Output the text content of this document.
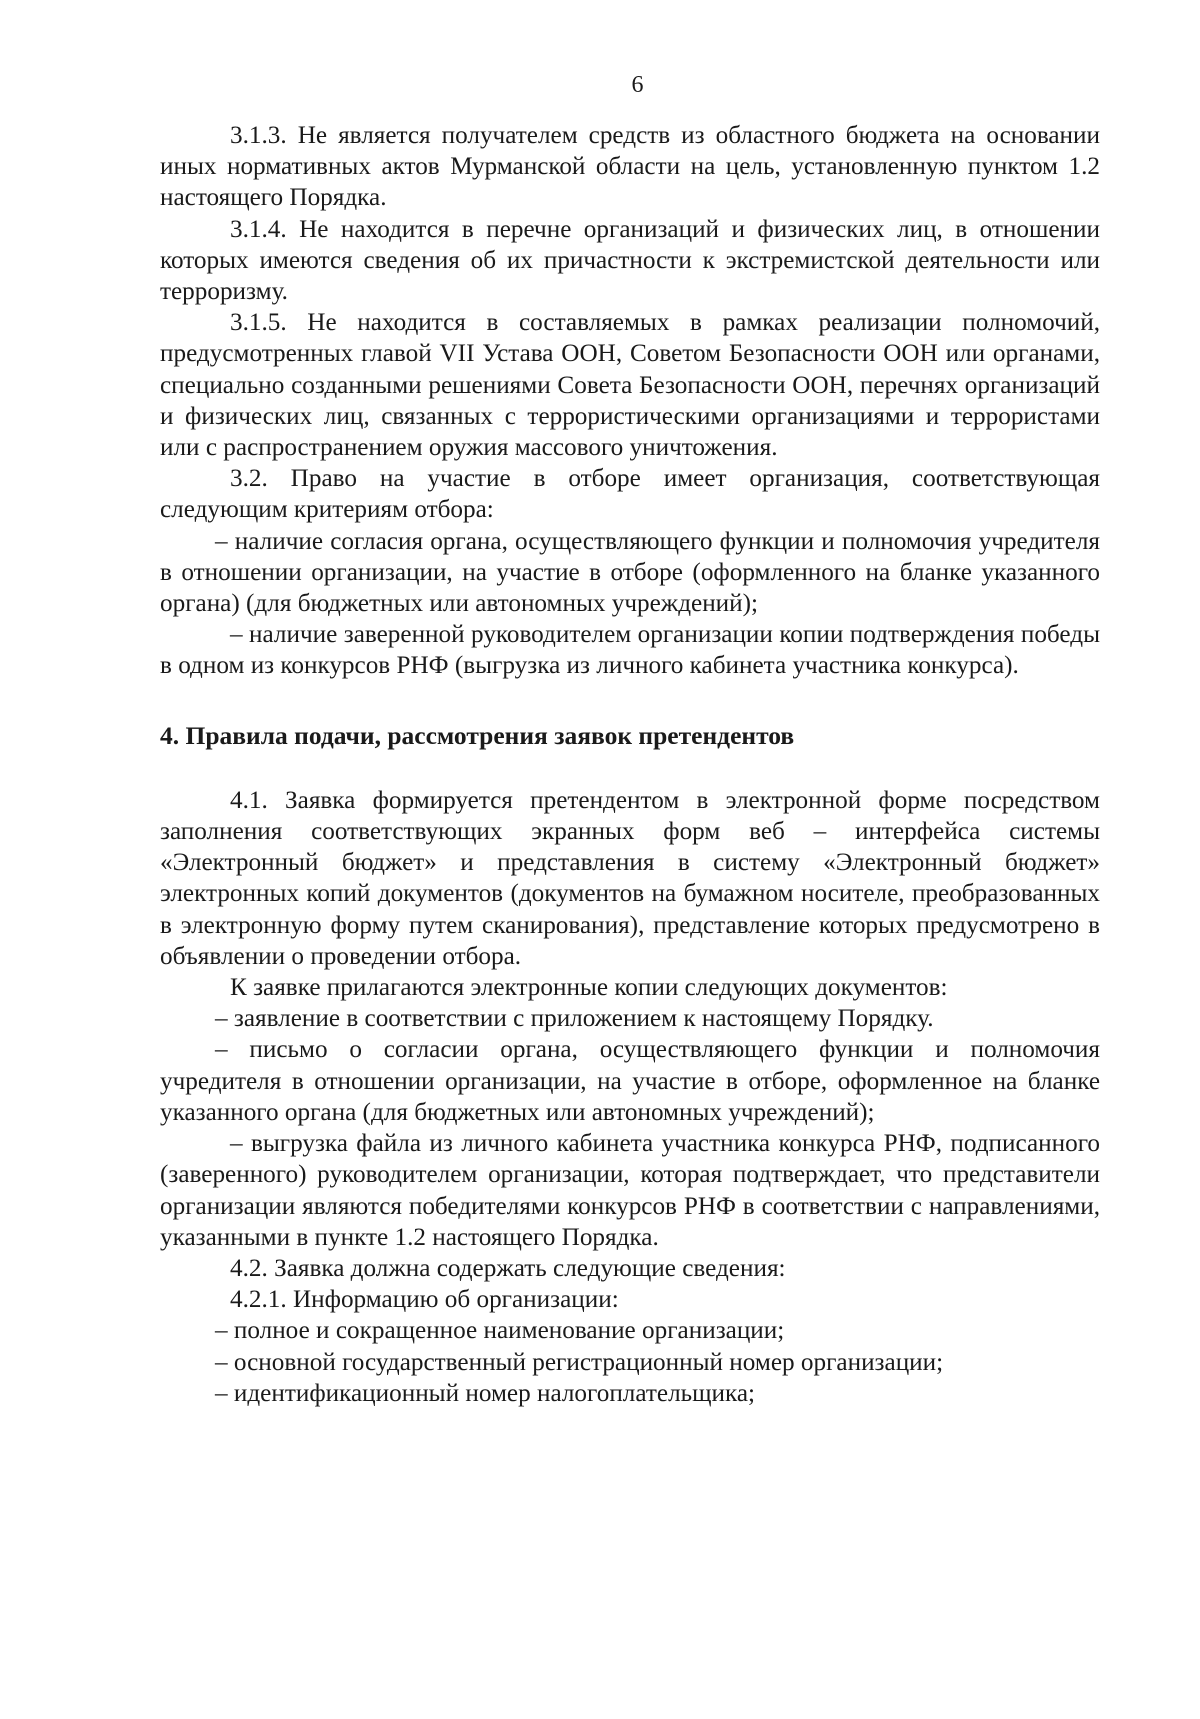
6

3.1.3. Не является получателем средств из областного бюджета на основании иных нормативных актов Мурманской области на цель, установленную пунктом 1.2 настоящего Порядка.

3.1.4. Не находится в перечне организаций и физических лиц, в отношении которых имеются сведения об их причастности к экстремистской деятельности или терроризму.

3.1.5. Не находится в составляемых в рамках реализации полномочий, предусмотренных главой VII Устава ООН, Советом Безопасности ООН или органами, специально созданными решениями Совета Безопасности ООН, перечнях организаций и физических лиц, связанных с террористическими организациями и террористами или с распространением оружия массового уничтожения.

3.2. Право на участие в отборе имеет организация, соответствующая следующим критериям отбора:

– наличие согласия органа, осуществляющего функции и полномочия учредителя в отношении организации, на участие в отборе (оформленного на бланке указанного органа) (для бюджетных или автономных учреждений);

– наличие заверенной руководителем организации копии подтверждения победы в одном из конкурсов РНФ (выгрузка из личного кабинета участника конкурса).

4. Правила подачи, рассмотрения заявок претендентов

4.1. Заявка формируется претендентом в электронной форме посредством заполнения соответствующих экранных форм веб – интерфейса системы «Электронный бюджет» и представления в систему «Электронный бюджет» электронных копий документов (документов на бумажном носителе, преобразованных в электронную форму путем сканирования), представление которых предусмотрено в объявлении о проведении отбора.

К заявке прилагаются электронные копии следующих документов:

– заявление в соответствии с приложением к настоящему Порядку.

– письмо о согласии органа, осуществляющего функции и полномочия учредителя в отношении организации, на участие в отборе, оформленное на бланке указанного органа (для бюджетных или автономных учреждений);

– выгрузка файла из личного кабинета участника конкурса РНФ, подписанного (заверенного) руководителем организации, которая подтверждает, что представители организации являются победителями конкурсов РНФ в соответствии с направлениями, указанными в пункте 1.2 настоящего Порядка.

4.2. Заявка должна содержать следующие сведения:

4.2.1. Информацию об организации:

– полное и сокращенное наименование организации;

– основной государственный регистрационный номер организации;

– идентификационный номер налогоплательщика;
